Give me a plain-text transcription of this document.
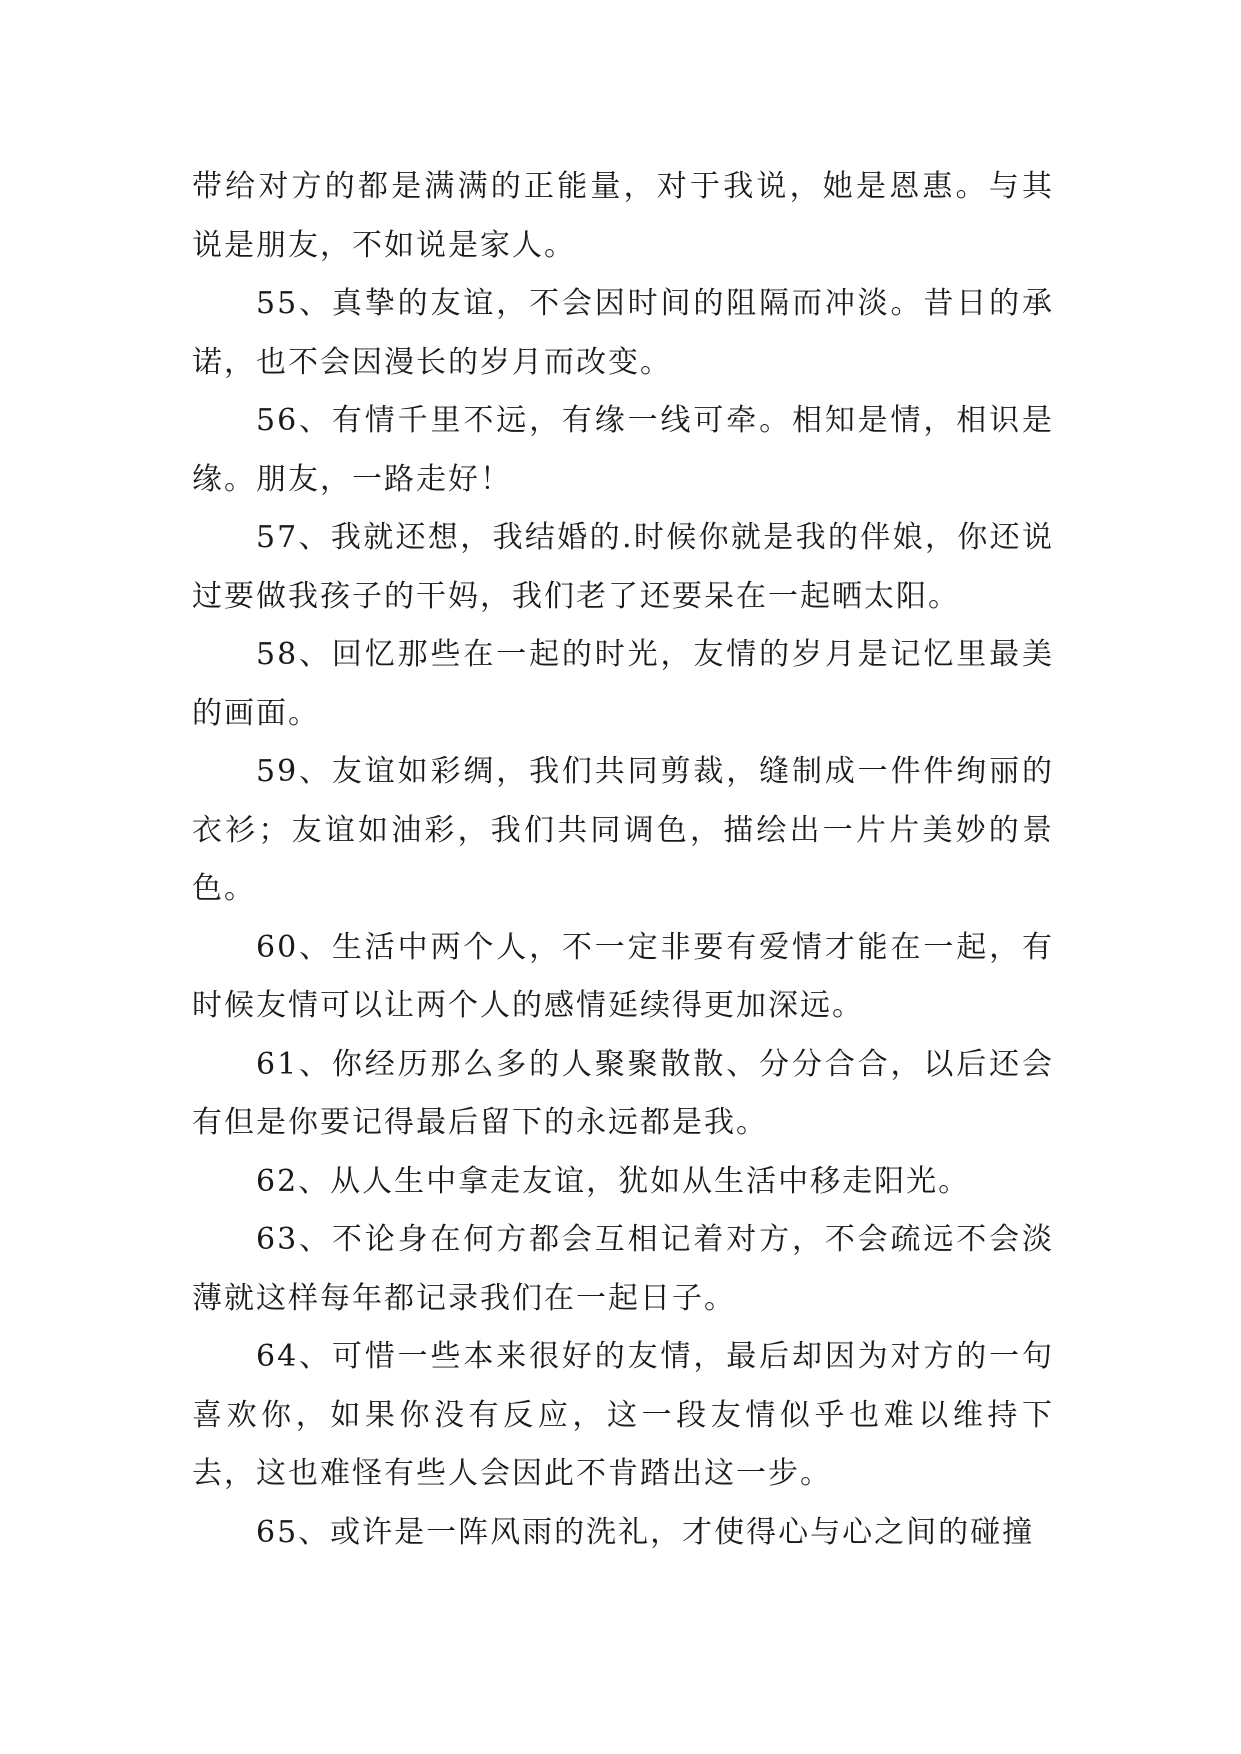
带给对方的都是满满的正能量，对于我说，她是恩惠。与其说是朋友，不如说是家人。

55、真挚的友谊，不会因时间的阻隔而冲淡。昔日的承诺，也不会因漫长的岁月而改变。

56、有情千里不远，有缘一线可牵。相知是情，相识是缘。朋友，一路走好！

57、我就还想，我结婚的.时候你就是我的伴娘，你还说过要做我孩子的干妈，我们老了还要呆在一起晒太阳。

58、回忆那些在一起的时光，友情的岁月是记忆里最美的画面。

59、友谊如彩绸，我们共同剪裁，缝制成一件件绚丽的衣衫；友谊如油彩，我们共同调色，描绘出一片片美妙的景色。

60、生活中两个人，不一定非要有爱情才能在一起，有时候友情可以让两个人的感情延续得更加深远。

61、你经历那么多的人聚聚散散、分分合合，以后还会有但是你要记得最后留下的永远都是我。

62、从人生中拿走友谊，犹如从生活中移走阳光。

63、不论身在何方都会互相记着对方，不会疏远不会淡薄就这样每年都记录我们在一起日子。

64、可惜一些本来很好的友情，最后却因为对方的一句喜欢你，如果你没有反应，这一段友情似乎也难以维持下去，这也难怪有些人会因此不肯踏出这一步。

65、或许是一阵风雨的洗礼，才使得心与心之间的碰撞
